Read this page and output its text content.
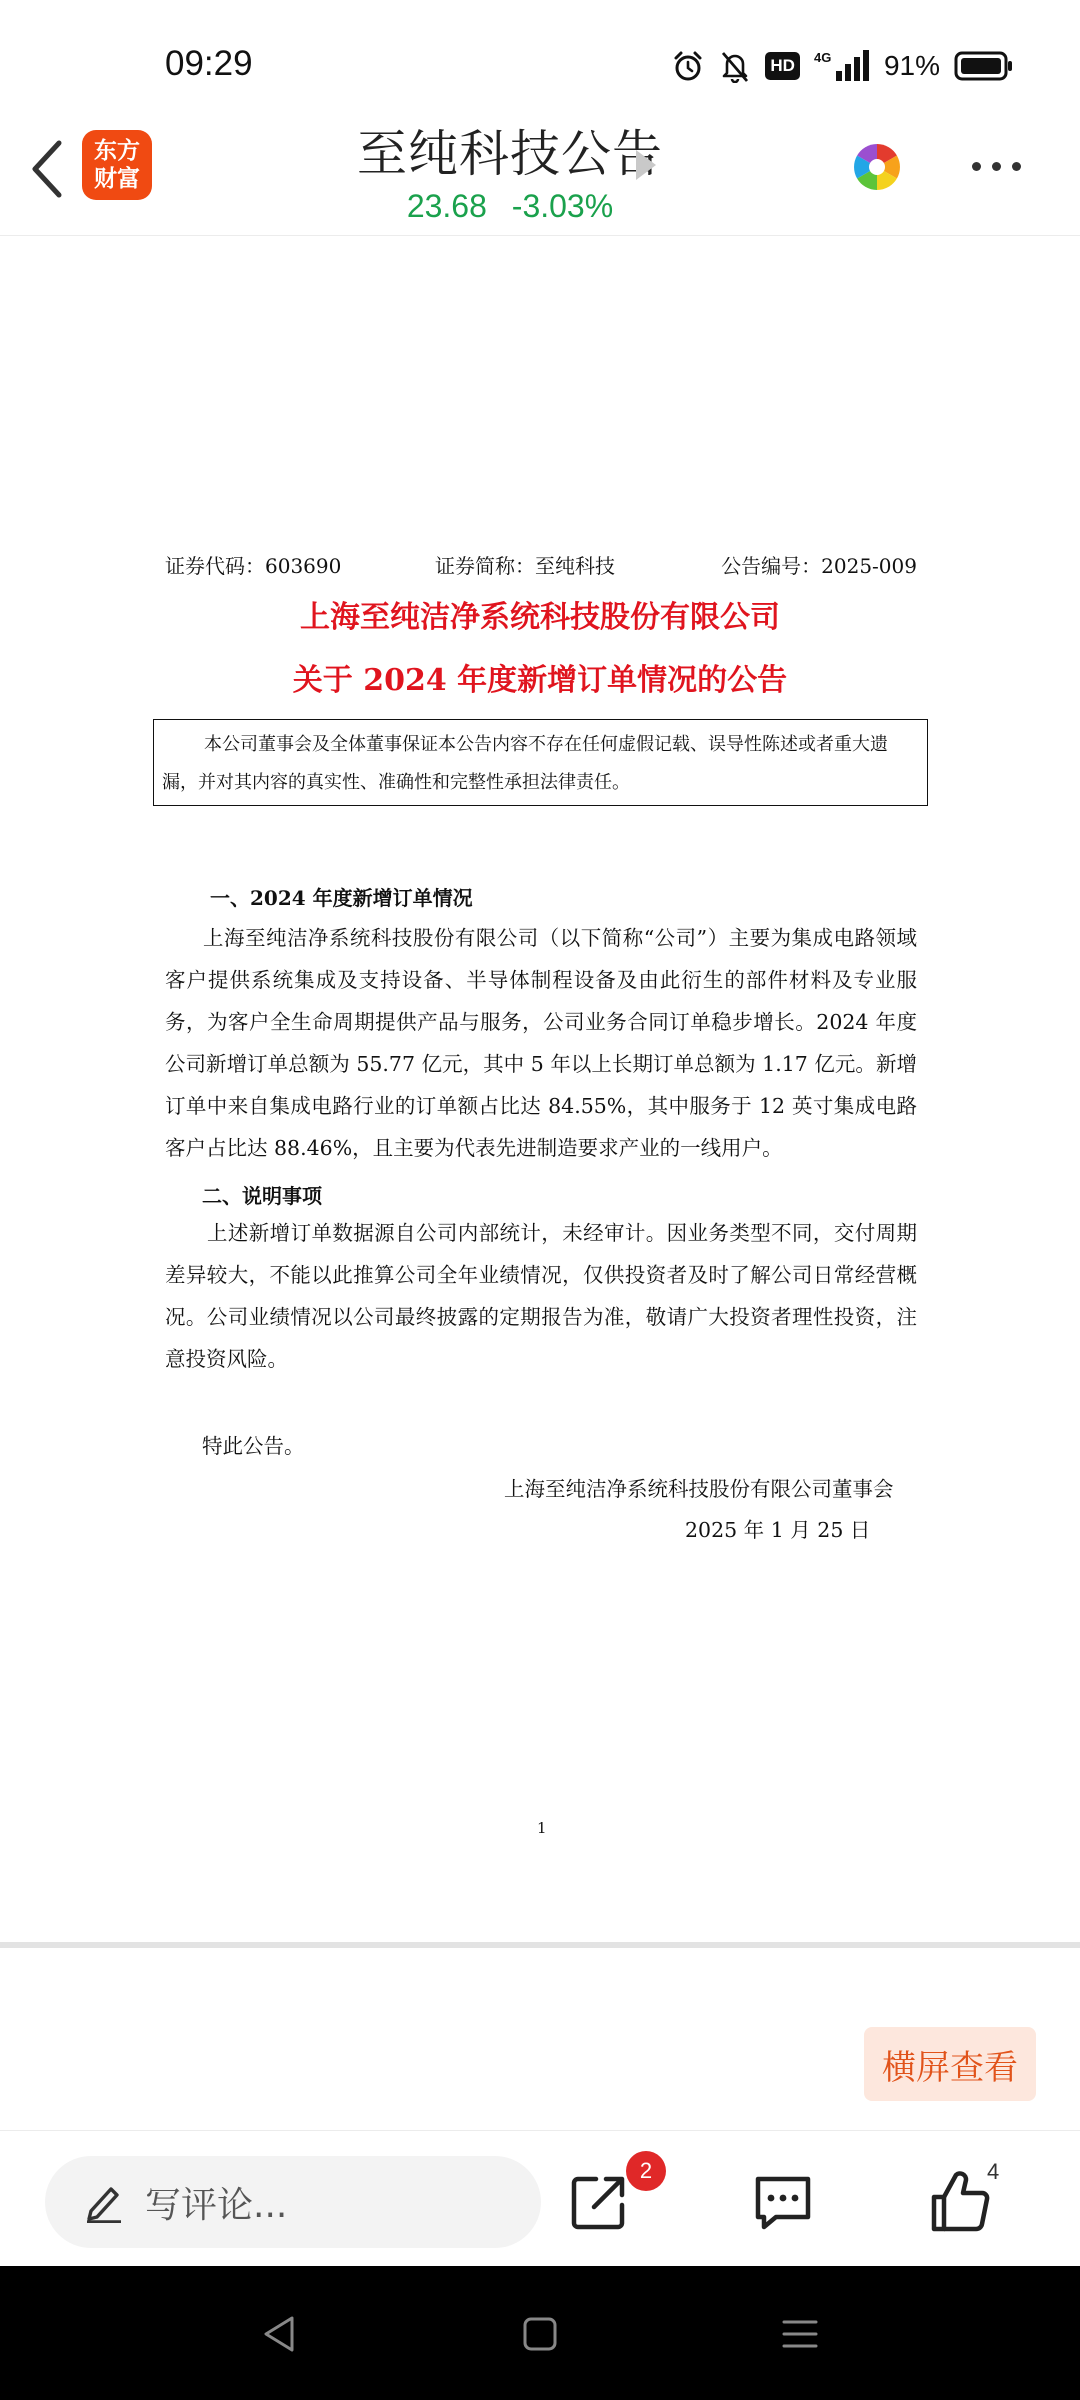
09:29	HD	4G 91%
东方
财富	至纯科技公告
23.68 -3.03%
证券代码：603690	证券简称：至纯科技	公告编号：2025-009
上海至纯洁净系统科技股份有限公司
关于 2024 年度新增订单情况的公告
本公司董事会及全体董事保证本公告内容不存在任何虚假记载、误导性陈述或者重大遗漏，并对其内容的真实性、准确性和完整性承担法律责任。
一、2024 年度新增订单情况
上海至纯洁净系统科技股份有限公司（以下简称“公司”）主要为集成电路领域客户提供系统集成及支持设备、半导体制程设备及由此衍生的部件材料及专业服务，为客户全生命周期提供产品与服务，公司业务合同订单稳步增长。2024 年度公司新增订单总额为 55.77 亿元，其中 5 年以上长期订单总额为 1.17 亿元。新增订单中来自集成电路行业的订单额占比达 84.55%，其中服务于 12 英寸集成电路客户占比达 88.46%，且主要为代表先进制造要求产业的一线用户。
二、说明事项
上述新增订单数据源自公司内部统计，未经审计。因业务类型不同，交付周期差异较大，不能以此推算公司全年业绩情况，仅供投资者及时了解公司日常经营概况。公司业绩情况以公司最终披露的定期报告为准，敬请广大投资者理性投资，注意投资风险。
特此公告。
上海至纯洁净系统科技股份有限公司董事会
2025 年 1 月 25 日
1
横屏查看
写评论...
2	4
